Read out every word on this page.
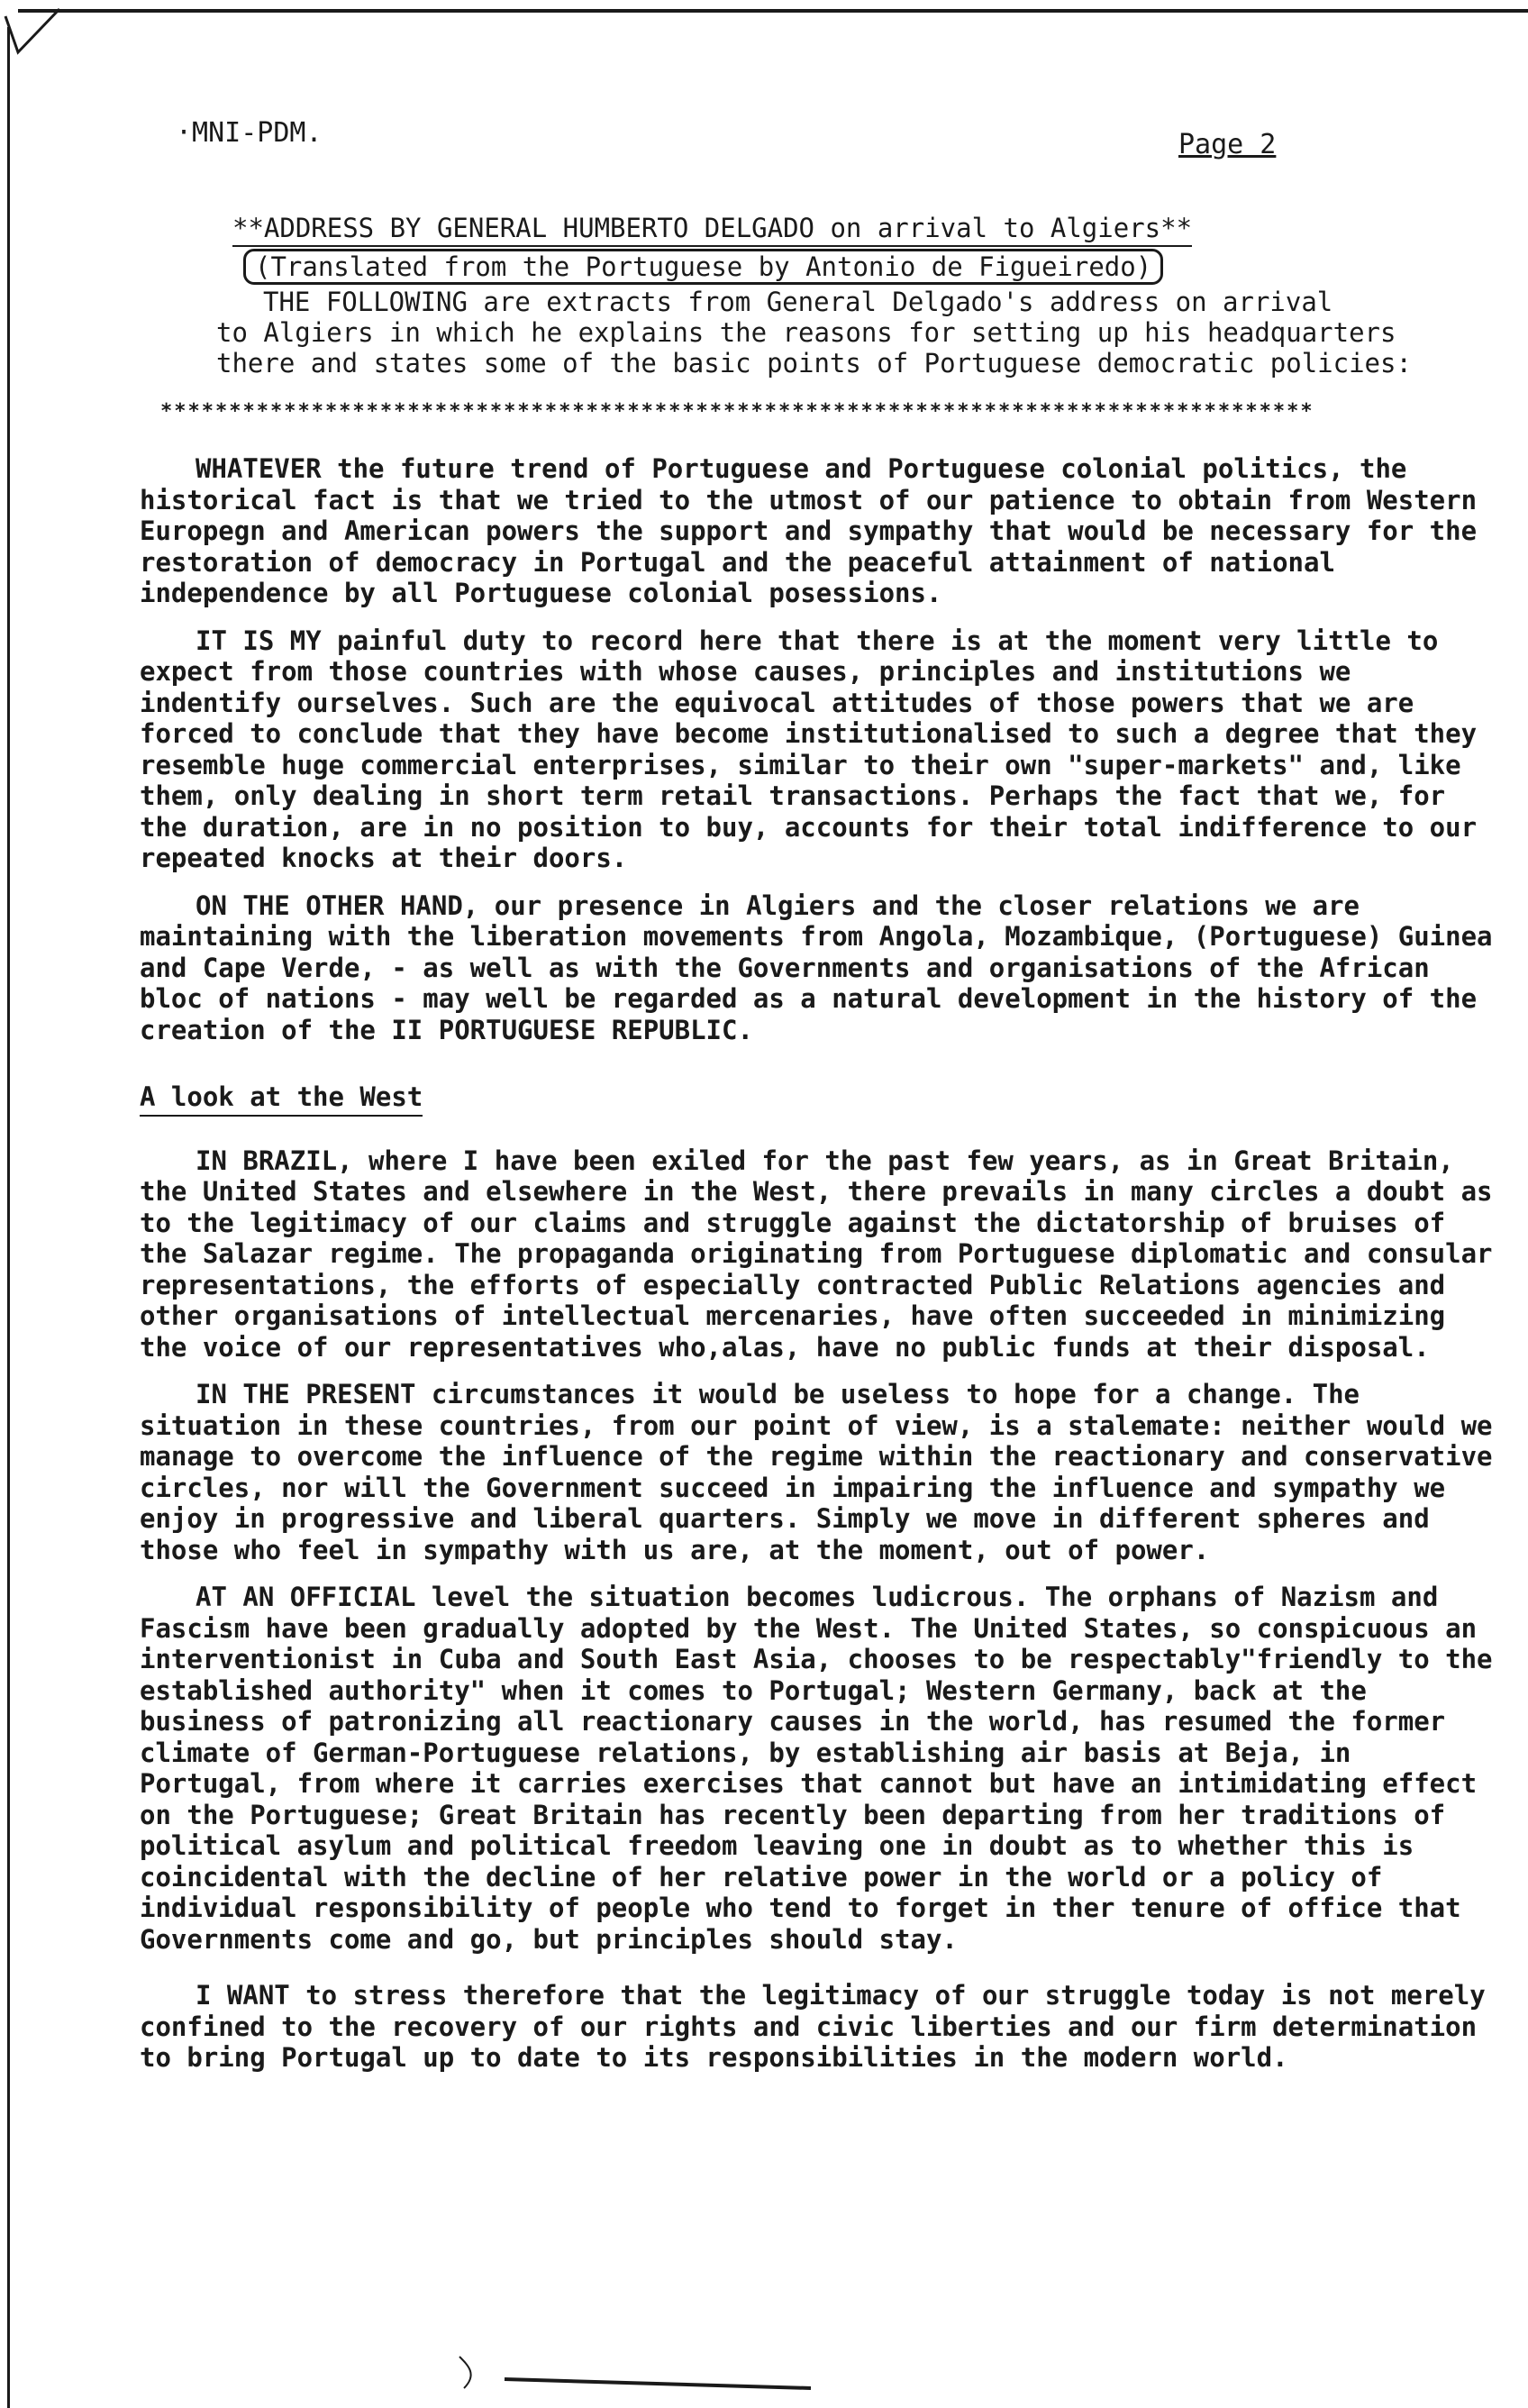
·MNI-PDM.	Page 2
**ADDRESS BY GENERAL HUMBERTO DELGADO on arrival to Algiers**
(Translated from the Portuguese by Antonio de Figueiredo)

THE FOLLOWING are extracts from General Delgado's address on arrival

to Algiers in which he explains the reasons for setting up his headquarters

there and states some of the basic points of Portuguese democratic policies:

************************************************************************************

WHATEVER the future trend of Portuguese and Portuguese colonial politics, the historical fact is that we tried to the utmost of our patience to obtain from Western Europegn and American powers the support and sympathy that would be necessary for the restoration of democracy in Portugal and the peaceful attainment of national independence by all Portuguese colonial posessions.

IT IS MY painful duty to record here that there is at the moment very little to expect from those countries with whose causes, principles and institutions we indentify ourselves. Such are the equivocal attitudes of those powers that we are forced to conclude that they have become institutionalised to such a degree that they resemble huge commercial enterprises, similar to their own "super-markets" and, like them, only dealing in short term retail transactions. Perhaps the fact that we, for the duration, are in no position to buy, accounts for their total indifference to our repeated knocks at their doors.

ON THE OTHER HAND, our presence in Algiers and the closer relations we are maintaining with the liberation movements from Angola, Mozambique, (Portuguese) Guinea and Cape Verde, - as well as with the Governments and organisations of the African bloc of nations - may well be regarded as a natural development in the history of the creation of the II PORTUGUESE REPUBLIC.

A look at the West

IN BRAZIL, where I have been exiled for the past few years, as in Great Britain, the United States and elsewhere in the West, there prevails in many circles a doubt as to the legitimacy of our claims and struggle against the dictatorship of bruises of the Salazar regime. The propaganda originating from Portuguese diplomatic and consular representations, the efforts of especially contracted Public Relations agencies and other organisations of intellectual mercenaries, have often succeeded in minimizing the voice of our representatives who,alas, have no public funds at their disposal.

IN THE PRESENT circumstances it would be useless to hope for a change. The situation in these countries, from our point of view, is a stalemate: neither would we manage to overcome the influence of the regime within the reactionary and conservative circles, nor will the Government succeed in impairing the influence and sympathy we enjoy in progressive and liberal quarters. Simply we move in different spheres and those who feel in sympathy with us are, at the moment, out of power.

AT AN OFFICIAL level the situation becomes ludicrous. The orphans of Nazism and Fascism have been gradually adopted by the West. The United States, so conspicuous an interventionist in Cuba and South East Asia, chooses to be respectably"friendly to the established authority" when it comes to Portugal; Western Germany, back at the business of patronizing all reactionary causes in the world, has resumed the former climate of German-Portuguese relations, by establishing air basis at Beja, in Portugal, from where it carries exercises that cannot but have an intimidating effect on the Portuguese; Great Britain has recently been departing from her traditions of political asylum and political freedom leaving one in doubt as to whether this is coincidental with the decline of her relative power in the world or a policy of individual responsibility of people who tend to forget in ther tenure of office that Governments come and go, but principles should stay.

I WANT to stress therefore that the legitimacy of our struggle today is not merely confined to the recovery of our rights and civic liberties and our firm determination to bring Portugal up to date to its responsibilities in the modern world.
